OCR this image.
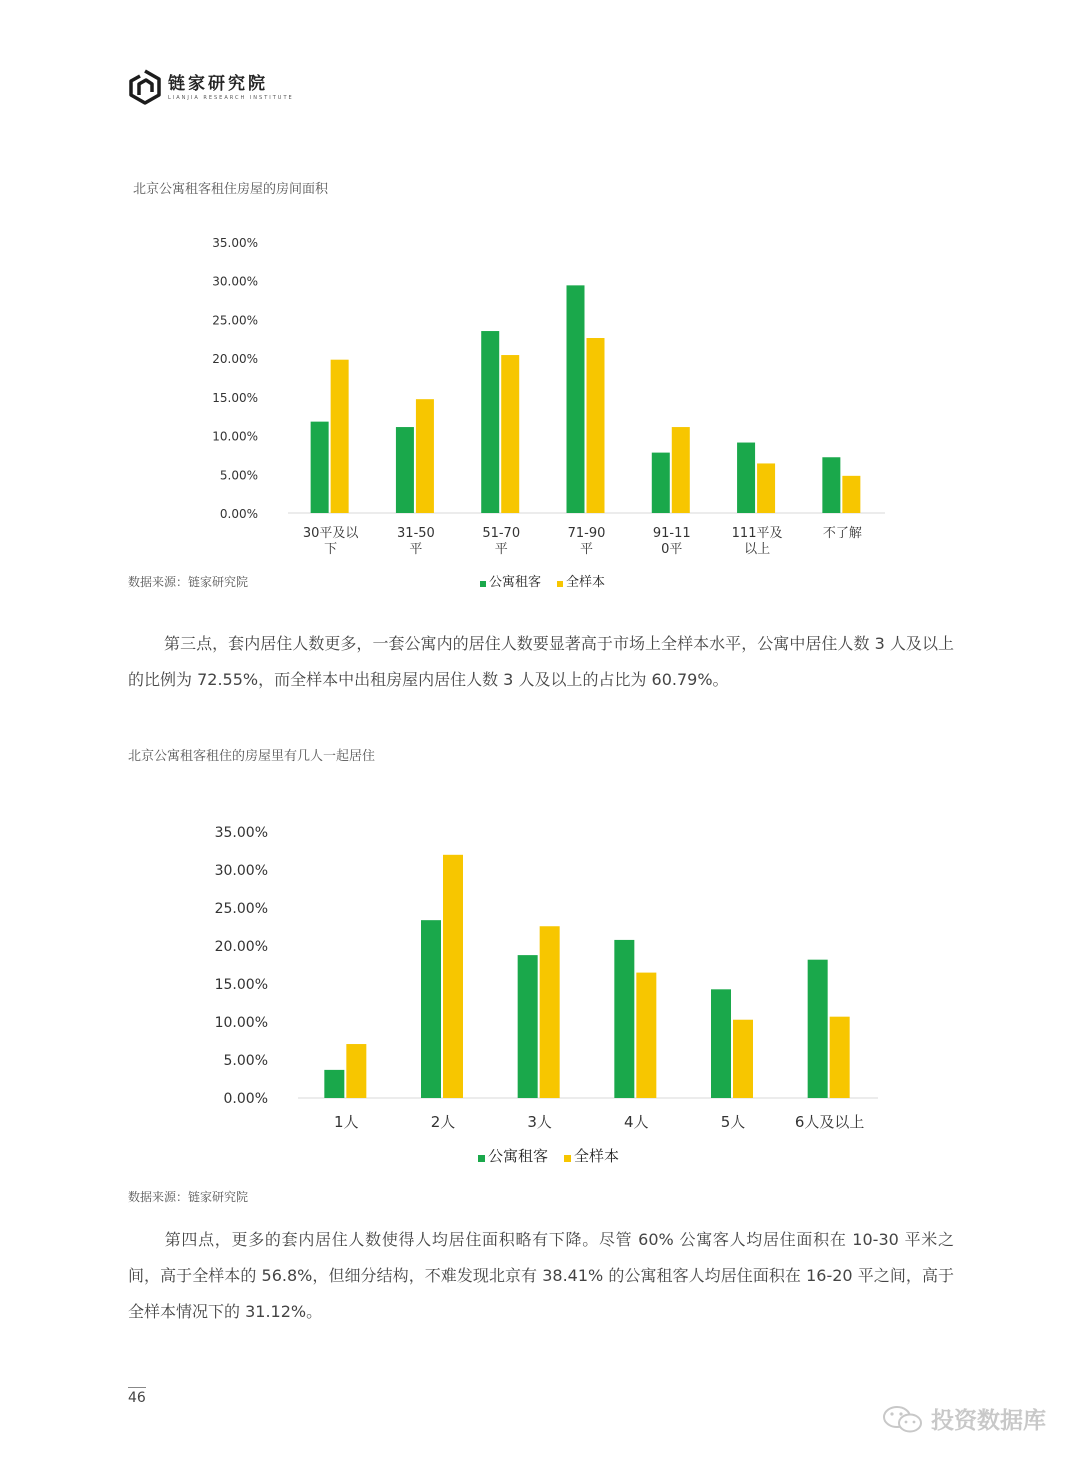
链家研究院
LIANJIA RESEARCH INSTITUTE
北京公寓租客租住房屋的房间面积
0.00%
5.00%
10.00%
15.00%
20.00%
25.00%
30.00%
35.00%
30平及以
下
31-50
平
51-70
平
71-90
平
91-11
0平
111平及
以上
不了解
公寓租客 全样本
数据来源：链家研究院
第三点，套内居住人数更多，一套公寓内的居住人数要显著高于市场上全样本水平，公寓中居住人数 3 人及以上的比例为 72.55%，而全样本中出租房屋内居住人数 3 人及以上的占比为 60.79%。
北京公寓租客租住的房屋里有几人一起居住
0.00%
5.00%
10.00%
15.00%
20.00%
25.00%
30.00%
35.00%
1人	2人	3人	4人	5人	6人及以上
公寓租客 全样本
数据来源：链家研究院
第四点，更多的套内居住人数使得人均居住面积略有下降。尽管 60% 公寓客人均居住面积在 10-30 平米之间，高于全样本的 56.8%，但细分结构，不难发现北京有 38.41% 的公寓租客人均居住面积在 16-20 平之间，高于全样本情况下的 31.12%。
46
投资数据库
